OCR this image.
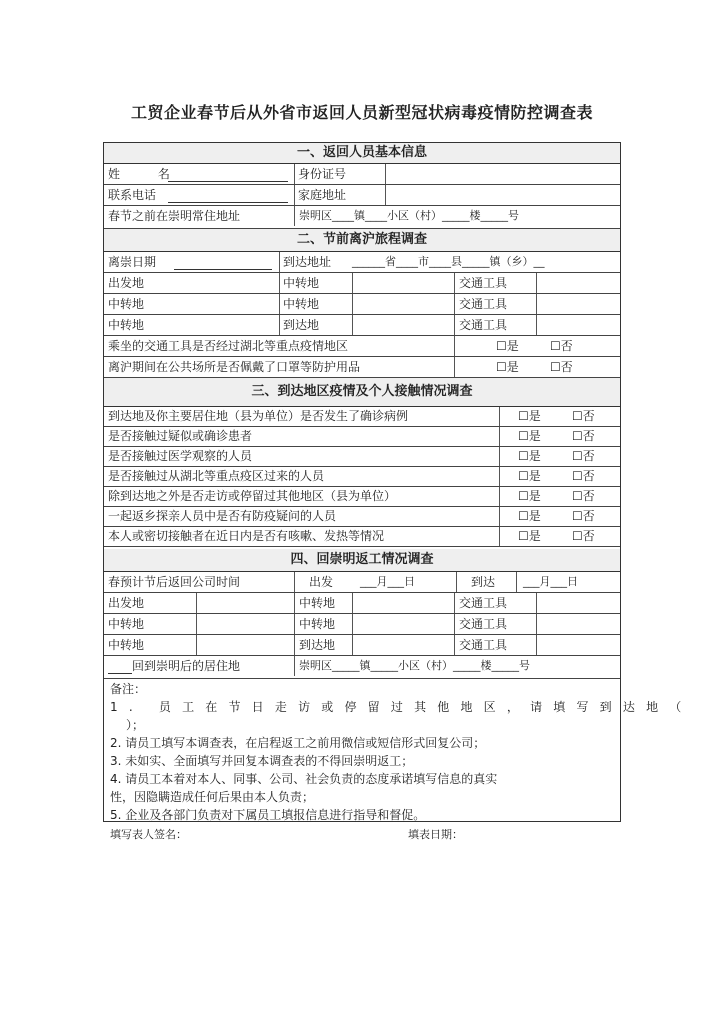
工贸企业春节后从外省市返回人员新型冠状病毒疫情防控调查表
一、返回人员基本信息
姓 名	身份证号
联系电话	家庭地址
春节之前在崇明常住地址	崇明区____镇____小区（村）_____楼_____号
二、节前离沪旅程调查
离崇日期	到达地址 ______省____市____县_____镇（乡）__
出发地	中转地	交通工具
中转地	中转地	交通工具
中转地	到达地	交通工具
乘坐的交通工具是否经过湖北等重点疫情地区	☐是	☐否
离沪期间在公共场所是否佩戴了口罩等防护用品	☐是	☐否
三、到达地区疫情及个人接触情况调查
到达地及你主要居住地（县为单位）是否发生了确诊病例	☐是	☐否
是否接触过疑似或确诊患者	☐是	☐否
是否接触过医学观察的人员	☐是	☐否
是否接触过从湖北等重点疫区过来的人员	☐是	☐否
除到达地之外是否走访或停留过其他地区（县为单位）	☐是	☐否
一起返乡探亲人员中是否有防疫疑问的人员	☐是	☐否
本人或密切接触者在近日内是否有咳嗽、发热等情况	☐是	☐否
四、回崇明返工情况调查
春预计节后返回公司时间	出发 ___月___日	到达	___月___日
出发地	中转地	交通工具
中转地	中转地	交通工具
中转地	到达地	交通工具
回到崇明后的居住地	崇明区_____镇_____小区（村）_____楼_____号
备注：
1. 员工在节日走访或停留过其他地区，请填写到达地（
）；
2. 请员工填写本调查表，在启程返工之前用微信或短信形式回复公司；
3. 未如实、全面填写并回复本调查表的不得回崇明返工；
4. 请员工本着对本人、同事、公司、社会负责的态度承诺填写信息的真实
性，因隐瞒造成任何后果由本人负责；
5. 企业及各部门负责对下属员工填报信息进行指导和督促。
填写表人签名：	填表日期：
